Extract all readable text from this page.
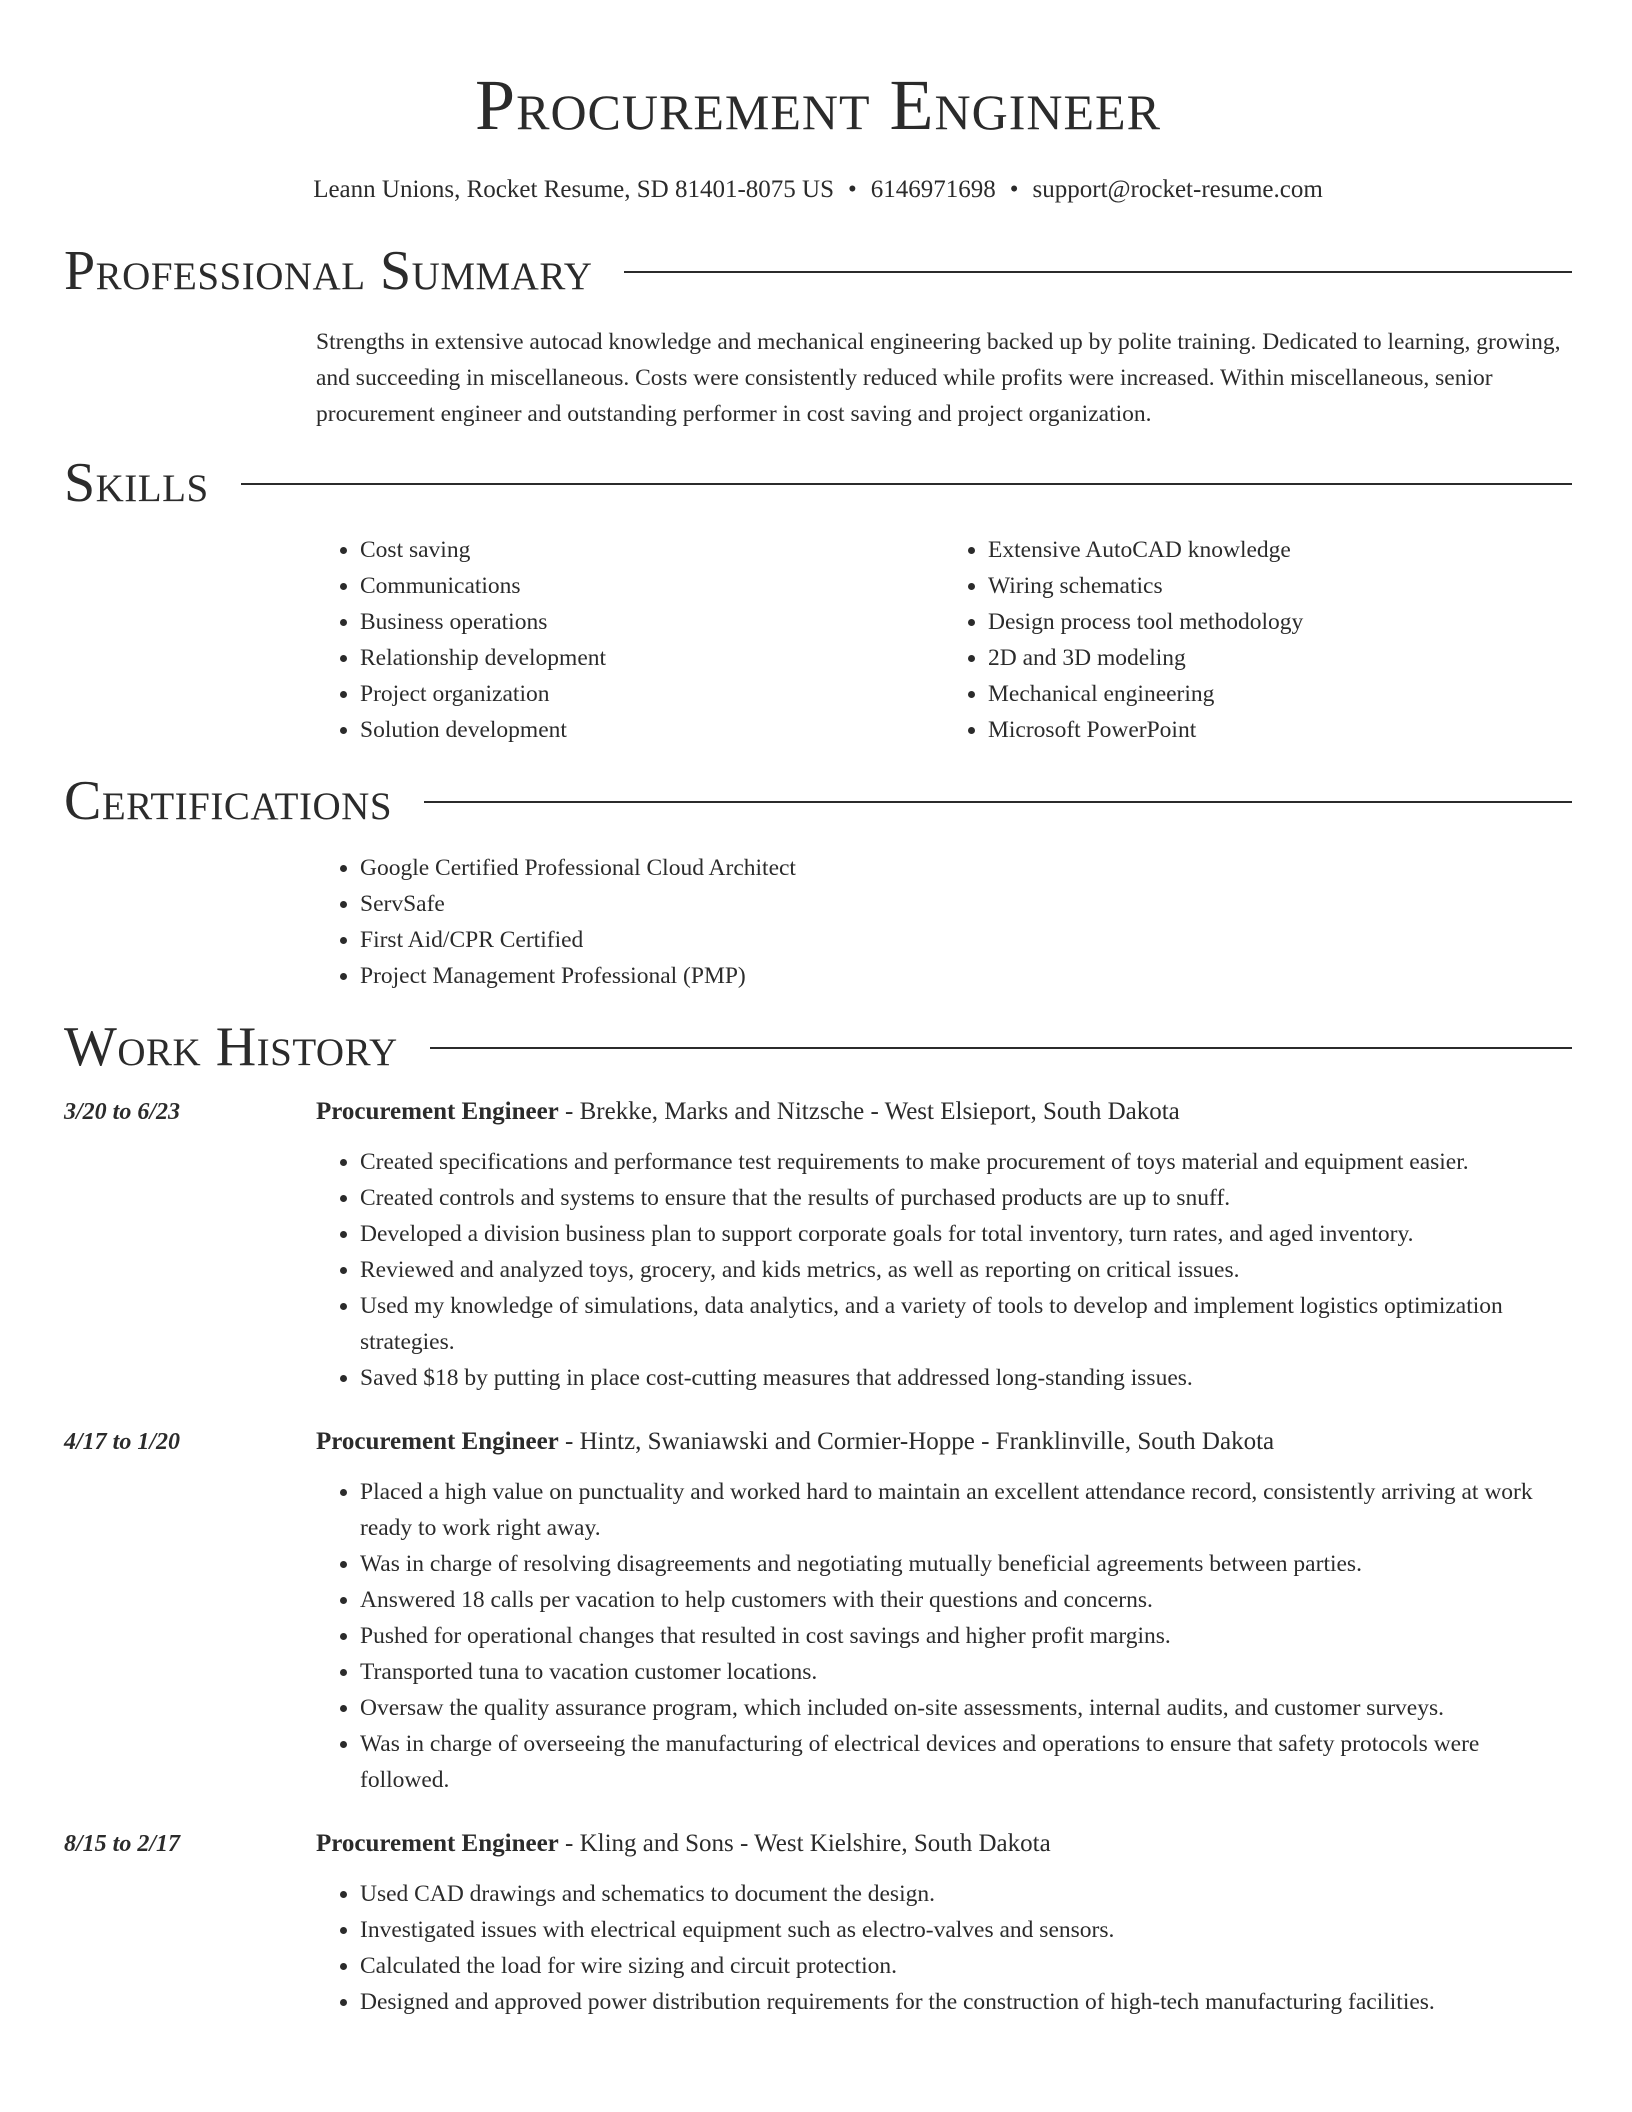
Procurement Engineer
Leann Unions, Rocket Resume, SD 81401-8075 US • 6146971698 • support@rocket-resume.com
Professional Summary
Strengths in extensive autocad knowledge and mechanical engineering backed up by polite training. Dedicated to learning, growing, and succeeding in miscellaneous. Costs were consistently reduced while profits were increased. Within miscellaneous, senior procurement engineer and outstanding performer in cost saving and project organization.
Skills
• Cost saving
• Communications
• Business operations
• Relationship development
• Project organization
• Solution development
• Extensive AutoCAD knowledge
• Wiring schematics
• Design process tool methodology
• 2D and 3D modeling
• Mechanical engineering
• Microsoft PowerPoint
Certifications
• Google Certified Professional Cloud Architect
• ServSafe
• First Aid/CPR Certified
• Project Management Professional (PMP)
Work History
3/20 to 6/23	Procurement Engineer - Brekke, Marks and Nitzsche - West Elsieport, South Dakota
• Created specifications and performance test requirements to make procurement of toys material and equipment easier.
• Created controls and systems to ensure that the results of purchased products are up to snuff.
• Developed a division business plan to support corporate goals for total inventory, turn rates, and aged inventory.
• Reviewed and analyzed toys, grocery, and kids metrics, as well as reporting on critical issues.
• Used my knowledge of simulations, data analytics, and a variety of tools to develop and implement logistics optimization strategies.
• Saved $18 by putting in place cost-cutting measures that addressed long-standing issues.
4/17 to 1/20	Procurement Engineer - Hintz, Swaniawski and Cormier-Hoppe - Franklinville, South Dakota
• Placed a high value on punctuality and worked hard to maintain an excellent attendance record, consistently arriving at work ready to work right away.
• Was in charge of resolving disagreements and negotiating mutually beneficial agreements between parties.
• Answered 18 calls per vacation to help customers with their questions and concerns.
• Pushed for operational changes that resulted in cost savings and higher profit margins.
• Transported tuna to vacation customer locations.
• Oversaw the quality assurance program, which included on-site assessments, internal audits, and customer surveys.
• Was in charge of overseeing the manufacturing of electrical devices and operations to ensure that safety protocols were followed.
8/15 to 2/17	Procurement Engineer - Kling and Sons - West Kielshire, South Dakota
• Used CAD drawings and schematics to document the design.
• Investigated issues with electrical equipment such as electro-valves and sensors.
• Calculated the load for wire sizing and circuit protection.
• Designed and approved power distribution requirements for the construction of high-tech manufacturing facilities.
